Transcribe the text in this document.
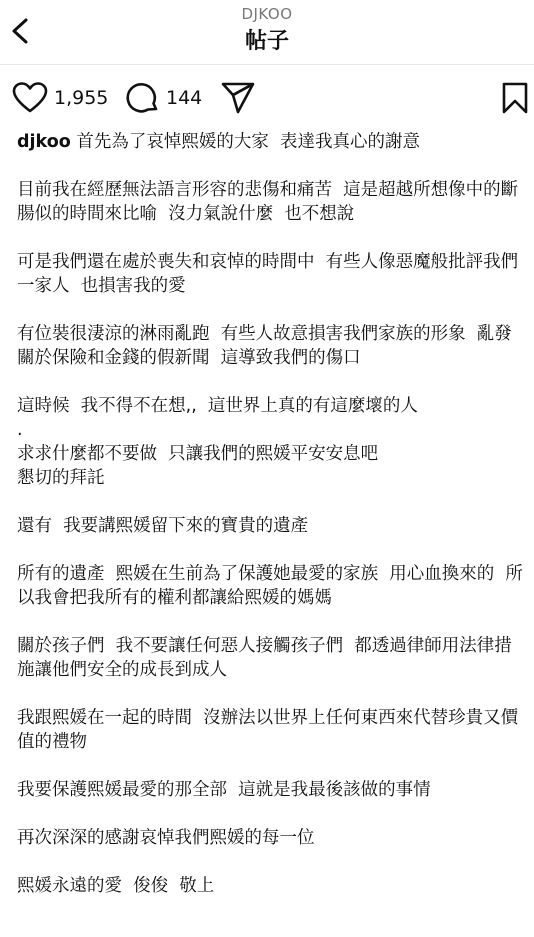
DJKOO
帖子
1,955	144

djkoo 首先為了哀悼熙媛的大家  表達我真心的謝意

目前我在經歷無法語言形容的悲傷和痛苦  這是超越所想像中的斷腸似的時間來比喻  沒力氣說什麼  也不想說

可是我們還在處於喪失和哀悼的時間中  有些人像惡魔般批評我們一家人  也損害我的愛

有位裝很淒涼的淋雨亂跑  有些人故意損害我們家族的形象  亂發關於保險和金錢的假新聞  這導致我們的傷口

這時候  我不得不在想,,  這世界上真的有這麼壞的人

.
求求什麼都不要做  只讓我們的熙媛平安安息吧
懇切的拜託

還有  我要講熙媛留下來的寶貴的遺產

所有的遺產  熙媛在生前為了保護她最愛的家族  用心血換來的  所以我會把我所有的權利都讓給熙媛的媽媽

關於孩子們  我不要讓任何惡人接觸孩子們  都透過律師用法律措施讓他們安全的成長到成人

我跟熙媛在一起的時間  沒辦法以世界上任何東西來代替珍貴又價值的禮物

我要保護熙媛最愛的那全部  這就是我最後該做的事情

再次深深的感謝哀悼我們熙媛的每一位

熙媛永遠的愛  俊俊  敬上
